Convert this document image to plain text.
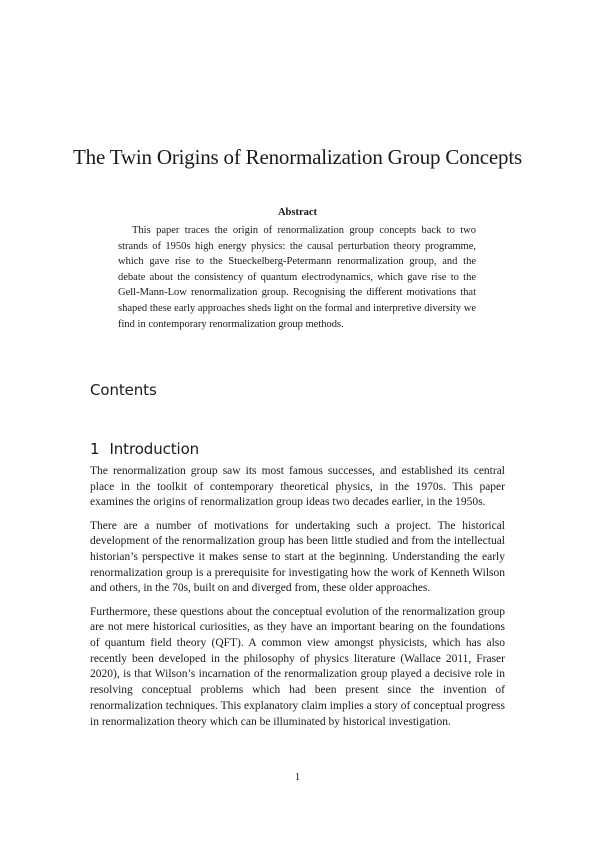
The Twin Origins of Renormalization Group Concepts
Abstract
This paper traces the origin of renormalization group concepts back to two strands of 1950s high energy physics: the causal perturbation theory programme, which gave rise to the Stueckelberg-Petermann renormalization group, and the debate about the consistency of quantum electrodynamics, which gave rise to the Gell-Mann-Low renormalization group. Recognising the different motivations that shaped these early approaches sheds light on the formal and interpretive diversity we find in contemporary renormalization group methods.
Contents
1 Introduction

The renormalization group saw its most famous successes, and established its central place in the toolkit of contemporary theoretical physics, in the 1970s. This paper examines the origins of renormalization group ideas two decades earlier, in the 1950s.

There are a number of motivations for undertaking such a project. The historical development of the renormalization group has been little studied and from the intellectual historian’s perspective it makes sense to start at the beginning. Understanding the early renormalization group is a prerequisite for investigating how the work of Kenneth Wilson and others, in the 70s, built on and diverged from, these older approaches.

Furthermore, these questions about the conceptual evolution of the renormalization group are not mere historical curiosities, as they have an important bearing on the foundations of quantum field theory (QFT). A common view amongst physicists, which has also recently been developed in the philosophy of physics literature (Wallace 2011, Fraser 2020), is that Wilson’s incarnation of the renormalization group played a decisive role in resolving conceptual problems which had been present since the invention of renormalization techniques. This explanatory claim implies a story of conceptual progress in renormalization theory which can be illuminated by historical investigation.

1
